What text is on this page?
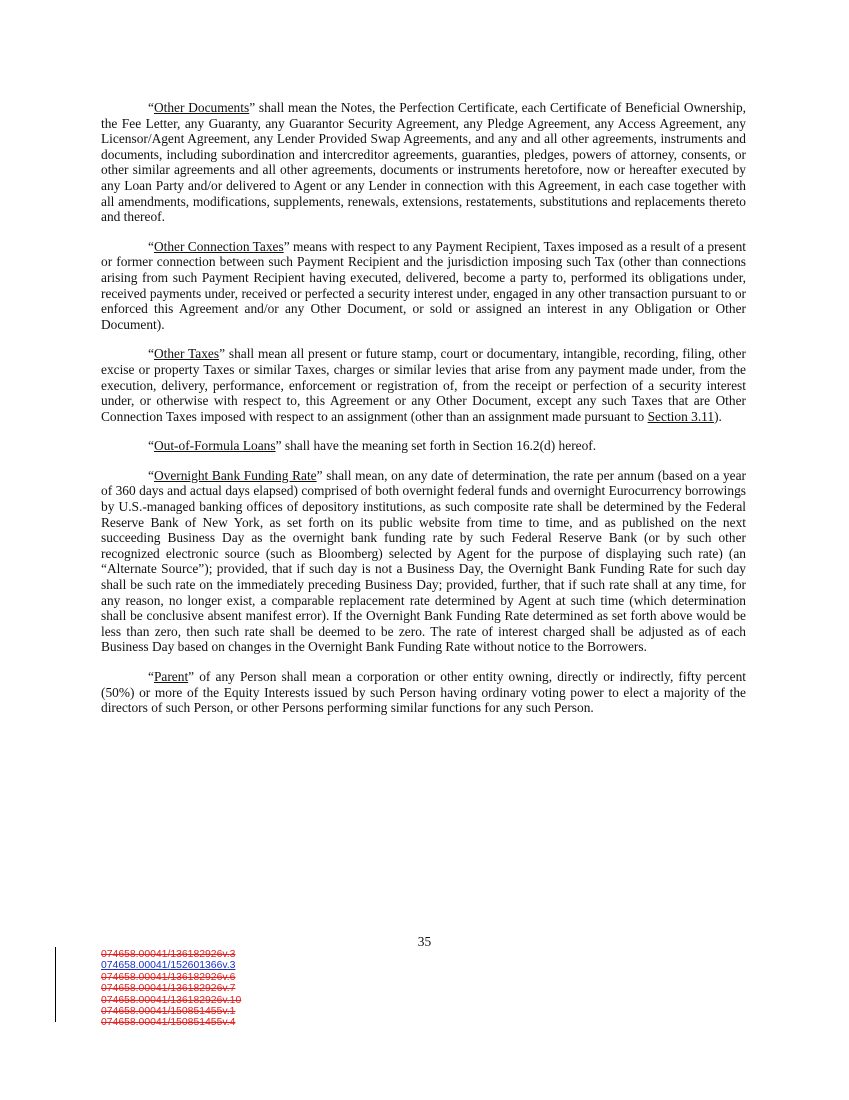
“Other Documents” shall mean the Notes, the Perfection Certificate, each Certificate of Beneficial Ownership, the Fee Letter, any Guaranty, any Guarantor Security Agreement, any Pledge Agreement, any Access Agreement, any Licensor/Agent Agreement, any Lender Provided Swap Agreements, and any and all other agreements, instruments and documents, including subordination and intercreditor agreements, guaranties, pledges, powers of attorney, consents, or other similar agreements and all other agreements, documents or instruments heretofore, now or hereafter executed by any Loan Party and/or delivered to Agent or any Lender in connection with this Agreement, in each case together with all amendments, modifications, supplements, renewals, extensions, restatements, substitutions and replacements thereto and thereof.

“Other Connection Taxes” means with respect to any Payment Recipient, Taxes imposed as a result of a present or former connection between such Payment Recipient and the jurisdiction imposing such Tax (other than connections arising from such Payment Recipient having executed, delivered, become a party to, performed its obligations under, received payments under, received or perfected a security interest under, engaged in any other transaction pursuant to or enforced this Agreement and/or any Other Document, or sold or assigned an interest in any Obligation or Other Document).

“Other Taxes” shall mean all present or future stamp, court or documentary, intangible, recording, filing, other excise or property Taxes or similar Taxes, charges or similar levies that arise from any payment made under, from the execution, delivery, performance, enforcement or registration of, from the receipt or perfection of a security interest under, or otherwise with respect to, this Agreement or any Other Document, except any such Taxes that are Other Connection Taxes imposed with respect to an assignment (other than an assignment made pursuant to Section 3.11).

“Out-of-Formula Loans” shall have the meaning set forth in Section 16.2(d) hereof.

“Overnight Bank Funding Rate” shall mean, on any date of determination, the rate per annum (based on a year of 360 days and actual days elapsed) comprised of both overnight federal funds and overnight Eurocurrency borrowings by U.S.-managed banking offices of depository institutions, as such composite rate shall be determined by the Federal Reserve Bank of New York, as set forth on its public website from time to time, and as published on the next succeeding Business Day as the overnight bank funding rate by such Federal Reserve Bank (or by such other recognized electronic source (such as Bloomberg) selected by Agent for the purpose of displaying such rate) (an “Alternate Source”); provided, that if such day is not a Business Day, the Overnight Bank Funding Rate for such day shall be such rate on the immediately preceding Business Day; provided, further, that if such rate shall at any time, for any reason, no longer exist, a comparable replacement rate determined by Agent at such time (which determination shall be conclusive absent manifest error). If the Overnight Bank Funding Rate determined as set forth above would be less than zero, then such rate shall be deemed to be zero. The rate of interest charged shall be adjusted as of each Business Day based on changes in the Overnight Bank Funding Rate without notice to the Borrowers.

“Parent” of any Person shall mean a corporation or other entity owning, directly or indirectly, fifty percent (50%) or more of the Equity Interests issued by such Person having ordinary voting power to elect a majority of the directors of such Person, or other Persons performing similar functions for any such Person.

35
074658.00041/136182926v.3
074658.00041/152601366v.3
074658.00041/136182926v.6
074658.00041/136182926v.7
074658.00041/136182926v.10
074658.00041/150851455v.1
074658.00041/150851455v.4
